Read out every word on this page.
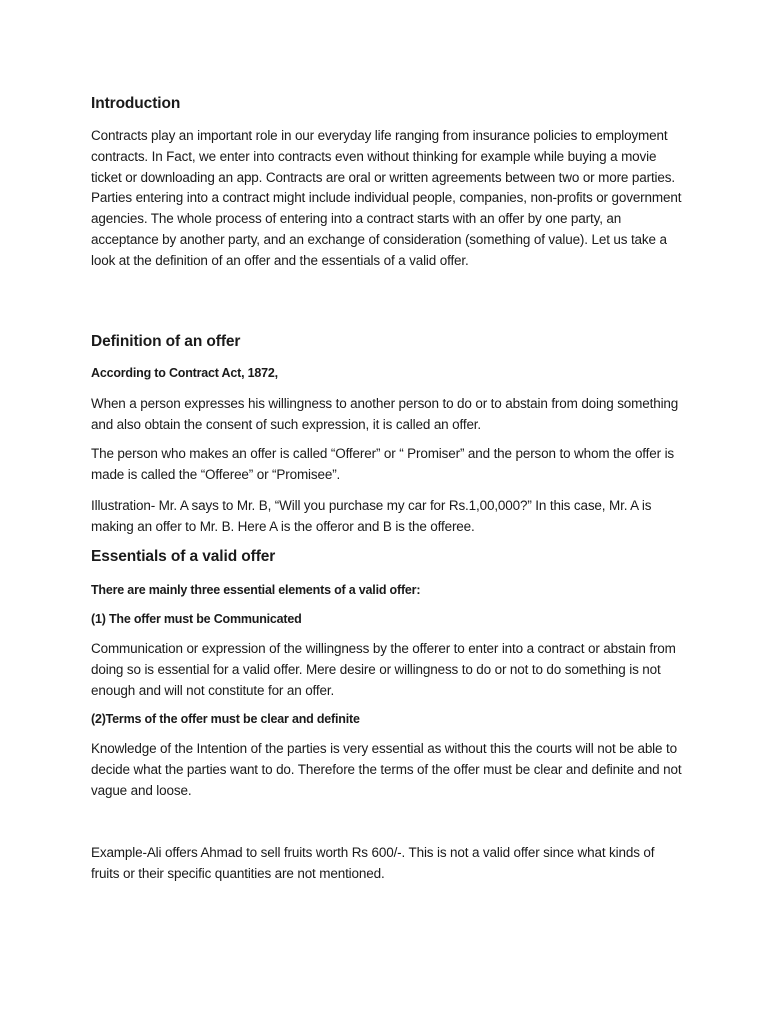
Introduction

Contracts play an important role in our everyday life ranging from insurance policies to employment contracts. In Fact, we enter into contracts even without thinking for example while buying a movie ticket or downloading an app. Contracts are oral or written agreements between two or more parties. Parties entering into a contract might include individual people, companies, non-profits or government agencies. The whole process of entering into a contract starts with an offer by one party, an acceptance by another party, and an exchange of consideration (something of value). Let us take a look at the definition of an offer and the essentials of a valid offer.

Definition of an offer
According to Contract Act, 1872,

When a person expresses his willingness to another person to do or to abstain from doing something and also obtain the consent of such expression, it is called an offer.

The person who makes an offer is called “Offerer” or “ Promiser” and the person to whom the offer is made is called the “Offeree” or “Promisee”.

Illustration- Mr. A says to Mr. B, “Will you purchase my car for Rs.1,00,000?” In this case, Mr. A is making an offer to Mr. B. Here A is the offeror and B is the offeree.

Essentials of a valid offer
There are mainly three essential elements of a valid offer:
(1) The offer must be Communicated

Communication or expression of the willingness by the offerer to enter into a contract or abstain from doing so is essential for a valid offer. Mere desire or willingness to do or not to do something is not enough and will not constitute for an offer.

(2)Terms of the offer must be clear and definite

Knowledge of the Intention of the parties is very essential as without this the courts will not be able to decide what the parties want to do. Therefore the terms of the offer must be clear and definite and not vague and loose.

Example-Ali offers Ahmad to sell fruits worth Rs 600/-. This is not a valid offer since what kinds of fruits or their specific quantities are not mentioned.
